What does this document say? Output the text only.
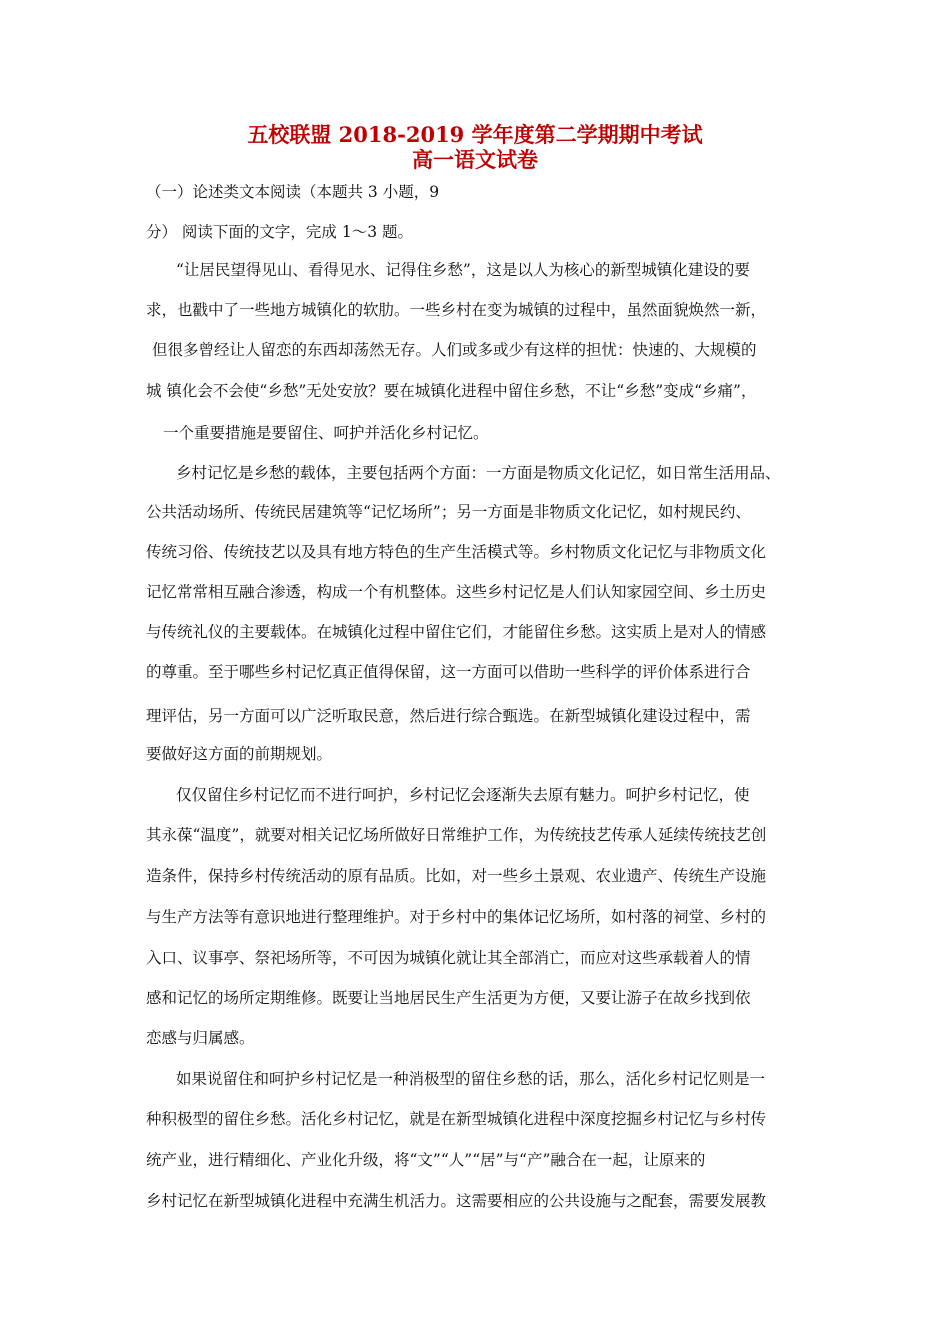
五校联盟 2018-2019 学年度第二学期期中考试
高一语文试卷
（一）论述类文本阅读（本题共 3 小题，9
分） 阅读下面的文字，完成 1～3 题。
“让居民望得见山、看得见水、记得住乡愁”，这是以人为核心的新型城镇化建设的要
求，也戳中了一些地方城镇化的软肋。一些乡村在变为城镇的过程中，虽然面貌焕然一新，
但很多曾经让人留恋的东西却荡然无存。人们或多或少有这样的担忧：快速的、大规模的
城 镇化会不会使“乡愁”无处安放？要在城镇化进程中留住乡愁，不让“乡愁”变成“乡痛”，
一个重要措施是要留住、呵护并活化乡村记忆。
乡村记忆是乡愁的载体，主要包括两个方面：一方面是物质文化记忆，如日常生活用品、
公共活动场所、传统民居建筑等“记忆场所”；另一方面是非物质文化记忆，如村规民约、
传统习俗、传统技艺以及具有地方特色的生产生活模式等。乡村物质文化记忆与非物质文化
记忆常常相互融合渗透，构成一个有机整体。这些乡村记忆是人们认知家园空间、乡土历史
与传统礼仪的主要载体。在城镇化过程中留住它们，才能留住乡愁。这实质上是对人的情感
的尊重。至于哪些乡村记忆真正值得保留，这一方面可以借助一些科学的评价体系进行合
理评估，另一方面可以广泛听取民意，然后进行综合甄选。在新型城镇化建设过程中，需
要做好这方面的前期规划。
仅仅留住乡村记忆而不进行呵护，乡村记忆会逐渐失去原有魅力。呵护乡村记忆，使
其永葆“温度”，就要对相关记忆场所做好日常维护工作，为传统技艺传承人延续传统技艺创
造条件，保持乡村传统活动的原有品质。比如，对一些乡土景观、农业遗产、传统生产设施
与生产方法等有意识地进行整理维护。对于乡村中的集体记忆场所，如村落的祠堂、乡村的
入口、议事亭、祭祀场所等，不可因为城镇化就让其全部消亡，而应对这些承载着人的情
感和记忆的场所定期维修。既要让当地居民生产生活更为方便，又要让游子在故乡找到依
恋感与归属感。
如果说留住和呵护乡村记忆是一种消极型的留住乡愁的话，那么，活化乡村记忆则是一
种积极型的留住乡愁。活化乡村记忆，就是在新型城镇化进程中深度挖掘乡村记忆与乡村传
统产业，进行精细化、产业化升级，将“文”“人”“居”与“产”融合在一起，让原来的
乡村记忆在新型城镇化进程中充满生机活力。这需要相应的公共设施与之配套，需要发展教
